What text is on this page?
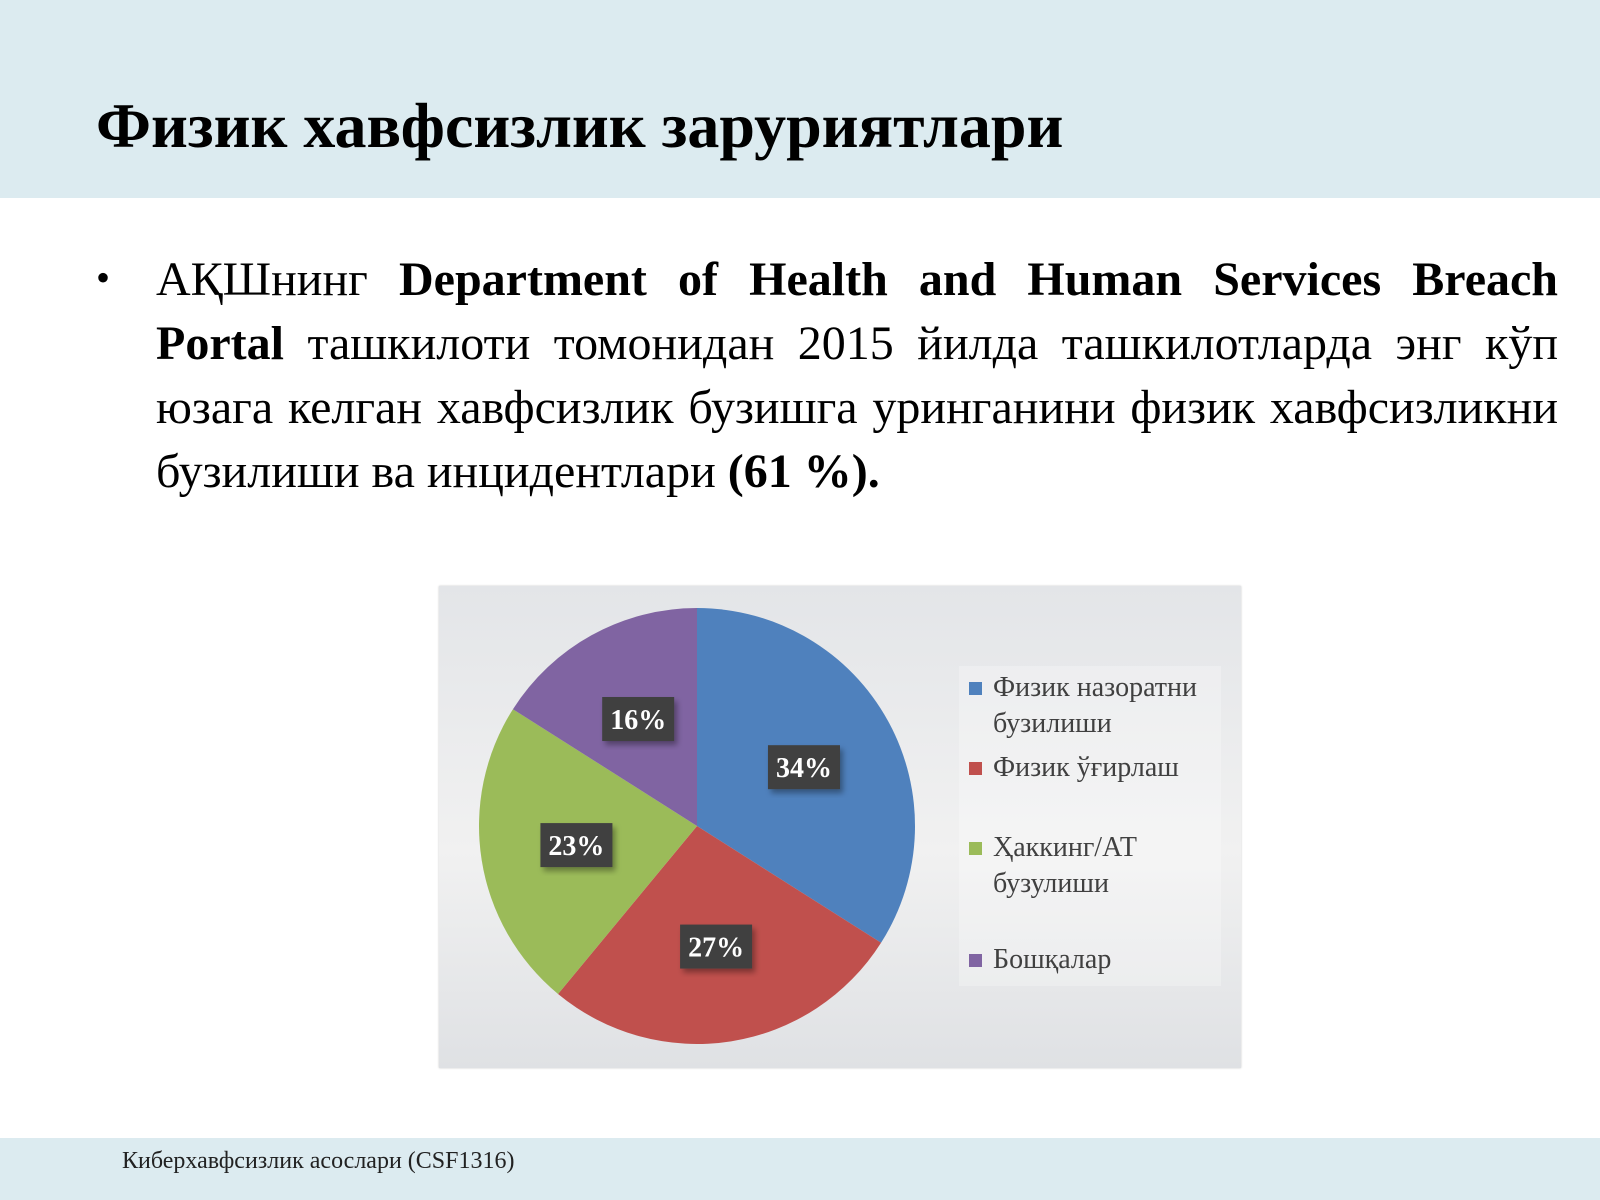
Физик хавфсизлик заруриятлари
• АҚШнинг Department of Health and Human Services Breach Portal ташкилоти томонидан 2015 йилда ташкилотларда энг кўп юзага келган хавфсизлик бузишга уринганини физик хавфсизликни бузилиши ва инцидентлари (61 %).
34%
27%
23%
16%
Физик назоратни бузилиши
Физик ўғирлаш
Ҳаккинг/АТ бузулиши
Бошқалар
Киберхавфсизлик асослари (CSF1316)
